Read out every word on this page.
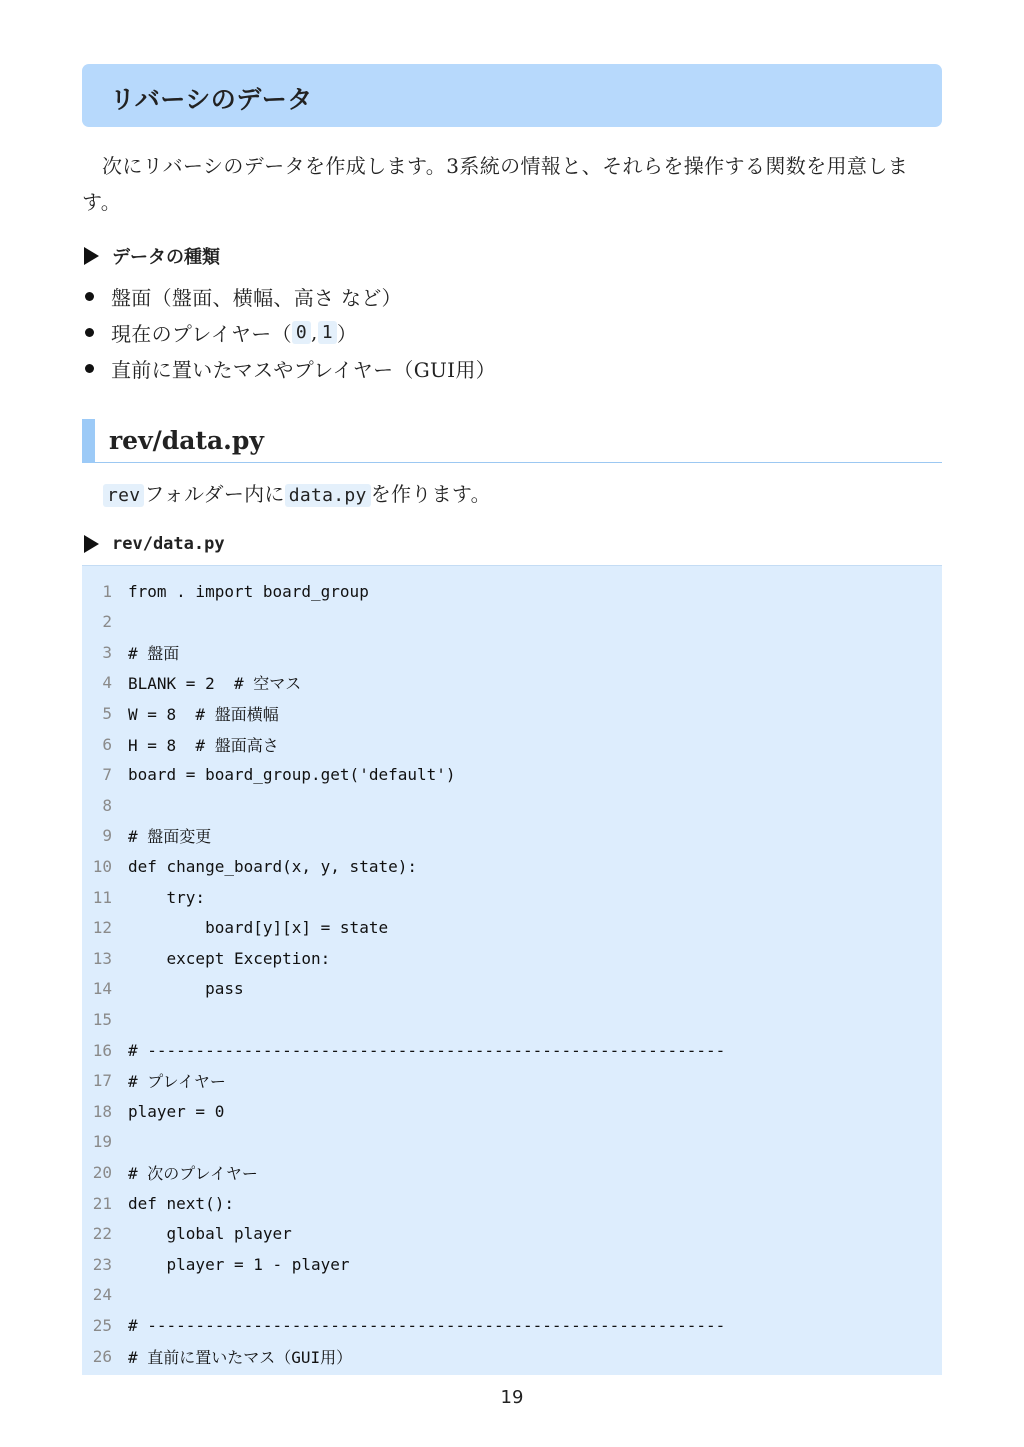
リバーシのデータ
次にリバーシのデータを作成します。3系統の情報と、それらを操作する関数を用意します。
データの種類
盤面（盤面、横幅、高さ など）
現在のプレイヤー（ 0 , 1 ）
直前に置いたマスやプレイヤー（GUI用）
rev/data.py
rev フォルダー内に data.py を作ります。
rev/data.py
1 from . import board_group
2
3 # 盤面
4 BLANK = 2  # 空マス
5 W = 8  # 盤面横幅
6 H = 8  # 盤面高さ
7 board = board_group.get('default')
8
9 # 盤面変更
10 def change_board(x, y, state):
11 try:
12 board[y][x] = state
13 except Exception:
14 pass
15
16 # ------------------------------------------------------------
17 # プレイヤー
18 player = 0
19
20 # 次のプレイヤー
21 def next():
22 global player
23 player = 1 - player
24
25 # ------------------------------------------------------------
26 # 直前に置いたマス（GUI用）
19
